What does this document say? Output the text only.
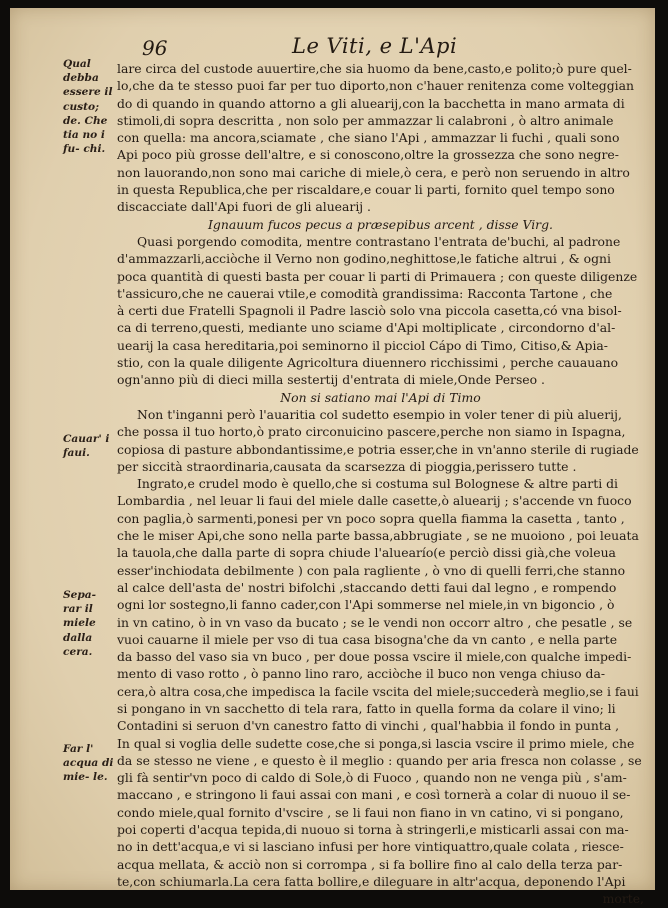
96	Le Viti, e L'Api
Qual debba essere il custo; de. Che tia no i fu- chi.
Cauar' i faui.
Sepa- rar il miele dalla cera.
Far l' acqua di mie- le.
lare circa del custode auuertire,che sia huomo da bene,casto,e polito;ò pure quel-
lo,che da te stesso puoi far per tuo diporto,non c'hauer renitenza come volteggian
do di quando in quando attorno a gli aluearij,con la bacchetta in mano armata di
stimoli,di sopra descritta , non solo per ammazzar li calabroni , ò altro animale
con quella: ma ancora,sciamate , che siano l'Api , ammazzar li fuchi , quali sono
Api poco più grosse dell'altre, e si conoscono,oltre la grossezza che sono negre-
non lauorando,non sono mai cariche di miele,ò cera, e però non seruendo in altro
in questa Republica,che per riscaldare,e couar li parti, fornito quel tempo sono
discacciate dall'Api fuori de gli aluearij .
Ignauum fucos pecus a præsepibus arcent , disse Virg.
Quasi porgendo comodita, mentre contrastano l'entrata de'buchi, al padrone
d'ammazzarli,acciòche il Verno non godino,neghittose,le fatiche altrui , & ogni
poca quantità di questi basta per couar li parti di Primauera ; con queste diligenze
t'assicuro,che ne cauerai vtile,e comodità grandissima: Racconta Tartone , che
à certi due Fratelli Spagnoli il Padre lasciò solo vna piccola casetta,có vna bisol-
ca di terreno,questi, mediante uno sciame d'Api moltiplicate , circondorno d'al-
uearij la casa hereditaria,poi seminorno il picciol Cápo di Timo, Citiso,& Apia-
stio, con la quale diligente Agricoltura diuennero ricchissimi , perche cauauano
ogn'anno più di dieci milla sestertij d'entrata di miele,Onde Perseo .
Non si satiano mai l'Api di Timo
Non t'inganni però l'auaritia col sudetto esempio in voler tener di più aluerij,
che possa il tuo horto,ò prato circonuicino pascere,perche non siamo in Ispagna,
copiosa di pasture abbondantissime,e potria esser,che in vn'anno sterile di rugiade
per siccità straordinaria,causata da scarsezza di pioggia,perissero tutte .
Ingrato,e crudel modo è quello,che si costuma sul Bolognese & altre parti di
Lombardia , nel leuar li faui del miele dalle casette,ò aluearij ; s'accende vn fuoco
con paglia,ò sarmenti,ponesi per vn poco sopra quella fiamma la casetta , tanto ,
che le miser Api,che sono nella parte bassa,abbrugiate , se ne muoiono , poi leuata
la tauola,che dalla parte di sopra chiude l'aluearío(e perciò dissi già,che voleua
esser'inchiodata debilmente ) con pala ragliente , ò vno di quelli ferri,che stanno
al calce dell'asta de' nostri bifolchi ,staccando detti faui dal legno , e rompendo
ogni lor sostegno,li fanno cader,con l'Api sommerse nel miele,in vn bigoncio , ò
in vn catino, ò in vn vaso da bucato ; se le vendi non occorr altro , che pesatle , se
vuoi cauarne il miele per vso di tua casa bisogna'che da vn canto , e nella parte
da basso del vaso sia vn buco , per doue possa vscire il miele,con qualche impedi-
mento di vaso rotto , ò panno lino raro, acciòche il buco non venga chiuso da-
cera,ò altra cosa,che impedisca la facile vscita del miele;succederà meglio,se i faui
si pongano in vn sacchetto di tela rara, fatto in quella forma da colare il vino; li
Contadini si seruon d'vn canestro fatto di vinchi , qual'habbia il fondo in punta ,
In qual si voglia delle sudette cose,che si ponga,si lascia vscire il primo miele, che
da se stesso ne viene , e questo è il meglio : quando per aria fresca non colasse , se
gli fà sentir'vn poco di caldo di Sole,ò di Fuoco , quando non ne venga più , s'am-
maccano , e stringono li faui assai con mani , e così tornerà a colar di nuouo il se-
condo miele,qual fornito d'vscire , se li faui non fiano in vn catino, vi si pongano,
poi coperti d'acqua tepida,di nuouo si torna à stringerli,e misticarli assai con ma-
no in dett'acqua,e vi si lasciano infusi per hore vintiquattro,quale colata , riesce-
acqua mellata, & acciò non si corrompa , si fa bollire fino al calo della terza par-
te,con schiumarla.La cera fatta bollire,e dileguare in altr'acqua, deponendo l'Api
morte,
